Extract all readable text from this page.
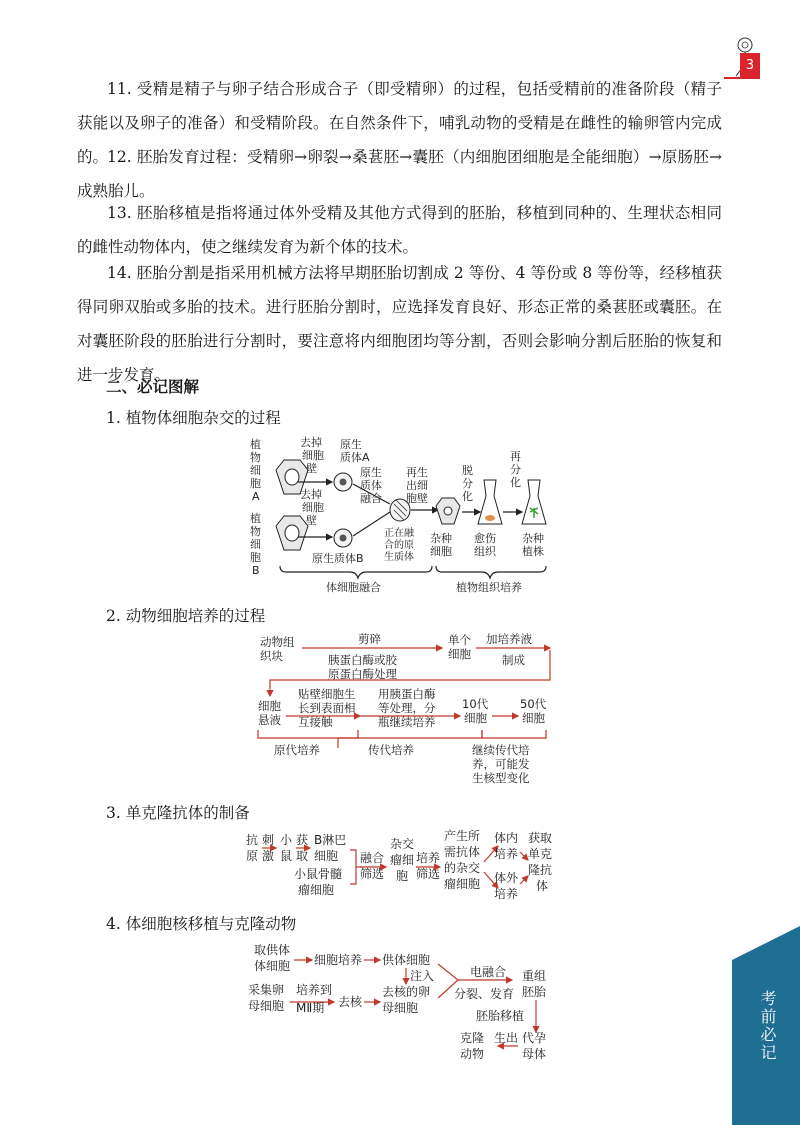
3
考前必记

11. 受精是精子与卵子结合形成合子（即受精卵）的过程，包括受精前的准备阶段（精子获能以及卵子的准备）和受精阶段。在自然条件下，哺乳动物的受精是在雌性的输卵管内完成的。

12. 胚胎发育过程：受精卵→卵裂→桑葚胚→囊胚（内细胞团细胞是全能细胞）→原肠胚→成熟胎儿。

13. 胚胎移植是指将通过体外受精及其他方式得到的胚胎，移植到同种的、生理状态相同的雌性动物体内，使之继续发育为新个体的技术。

14. 胚胎分割是指采用机械方法将早期胚胎切割成 2 等份、4 等份或 8 等份等，经移植获得同卵双胎或多胎的技术。进行胚胎分割时，应选择发育良好、形态正常的桑葚胚或囊胚。在对囊胚阶段的胚胎进行分割时，要注意将内细胞团均等分割，否则会影响分割后胚胎的恢复和进一步发育。

二、必记图解
1. 植物体细胞杂交的过程
2. 动物细胞培养的过程
3. 单克隆抗体的制备
4. 体细胞核移植与克隆动物
植
物
细
胞
A
植
物
细
胞
B
去掉
细胞
壁
去掉
细胞
壁
原生
质体A
原生质体B
原生
质体
融合
正在融
合的原
生质体
再生
出细
胞壁
杂种
细胞
脱
分
化
愈伤
组织
再
分
化
杂种
植株
体细胞融合	植物组织培养
动物组
织块
剪碎
胰蛋白酶或胶
原蛋白酶处理
单个
细胞
加培养液
制成
细胞
悬液
贴壁细胞生
长到表面相
互接触
用胰蛋白酶
等处理，分
瓶继续培养
10代
细胞
50代
细胞
原代培养	传代培养	继续传代培
养，可能发
生核型变化
抗
原
刺
激
小
鼠
获
取
B淋巴
细胞
小鼠骨髓
瘤细胞
融合
筛选
杂交
瘤细
胞
培养
筛选
产生所
需抗体
的杂交
瘤细胞
体内
培养
体外
培养
获取
单克
隆抗
体
取供体
体细胞 细胞培养 供体细胞
注入
采集卵
母细胞
培养到
MⅡ期 去核
去核的卵
母细胞
电融合
分裂、发育
重组
胚胎
胚胎移植
代孕
母体
生出
克隆
动物
